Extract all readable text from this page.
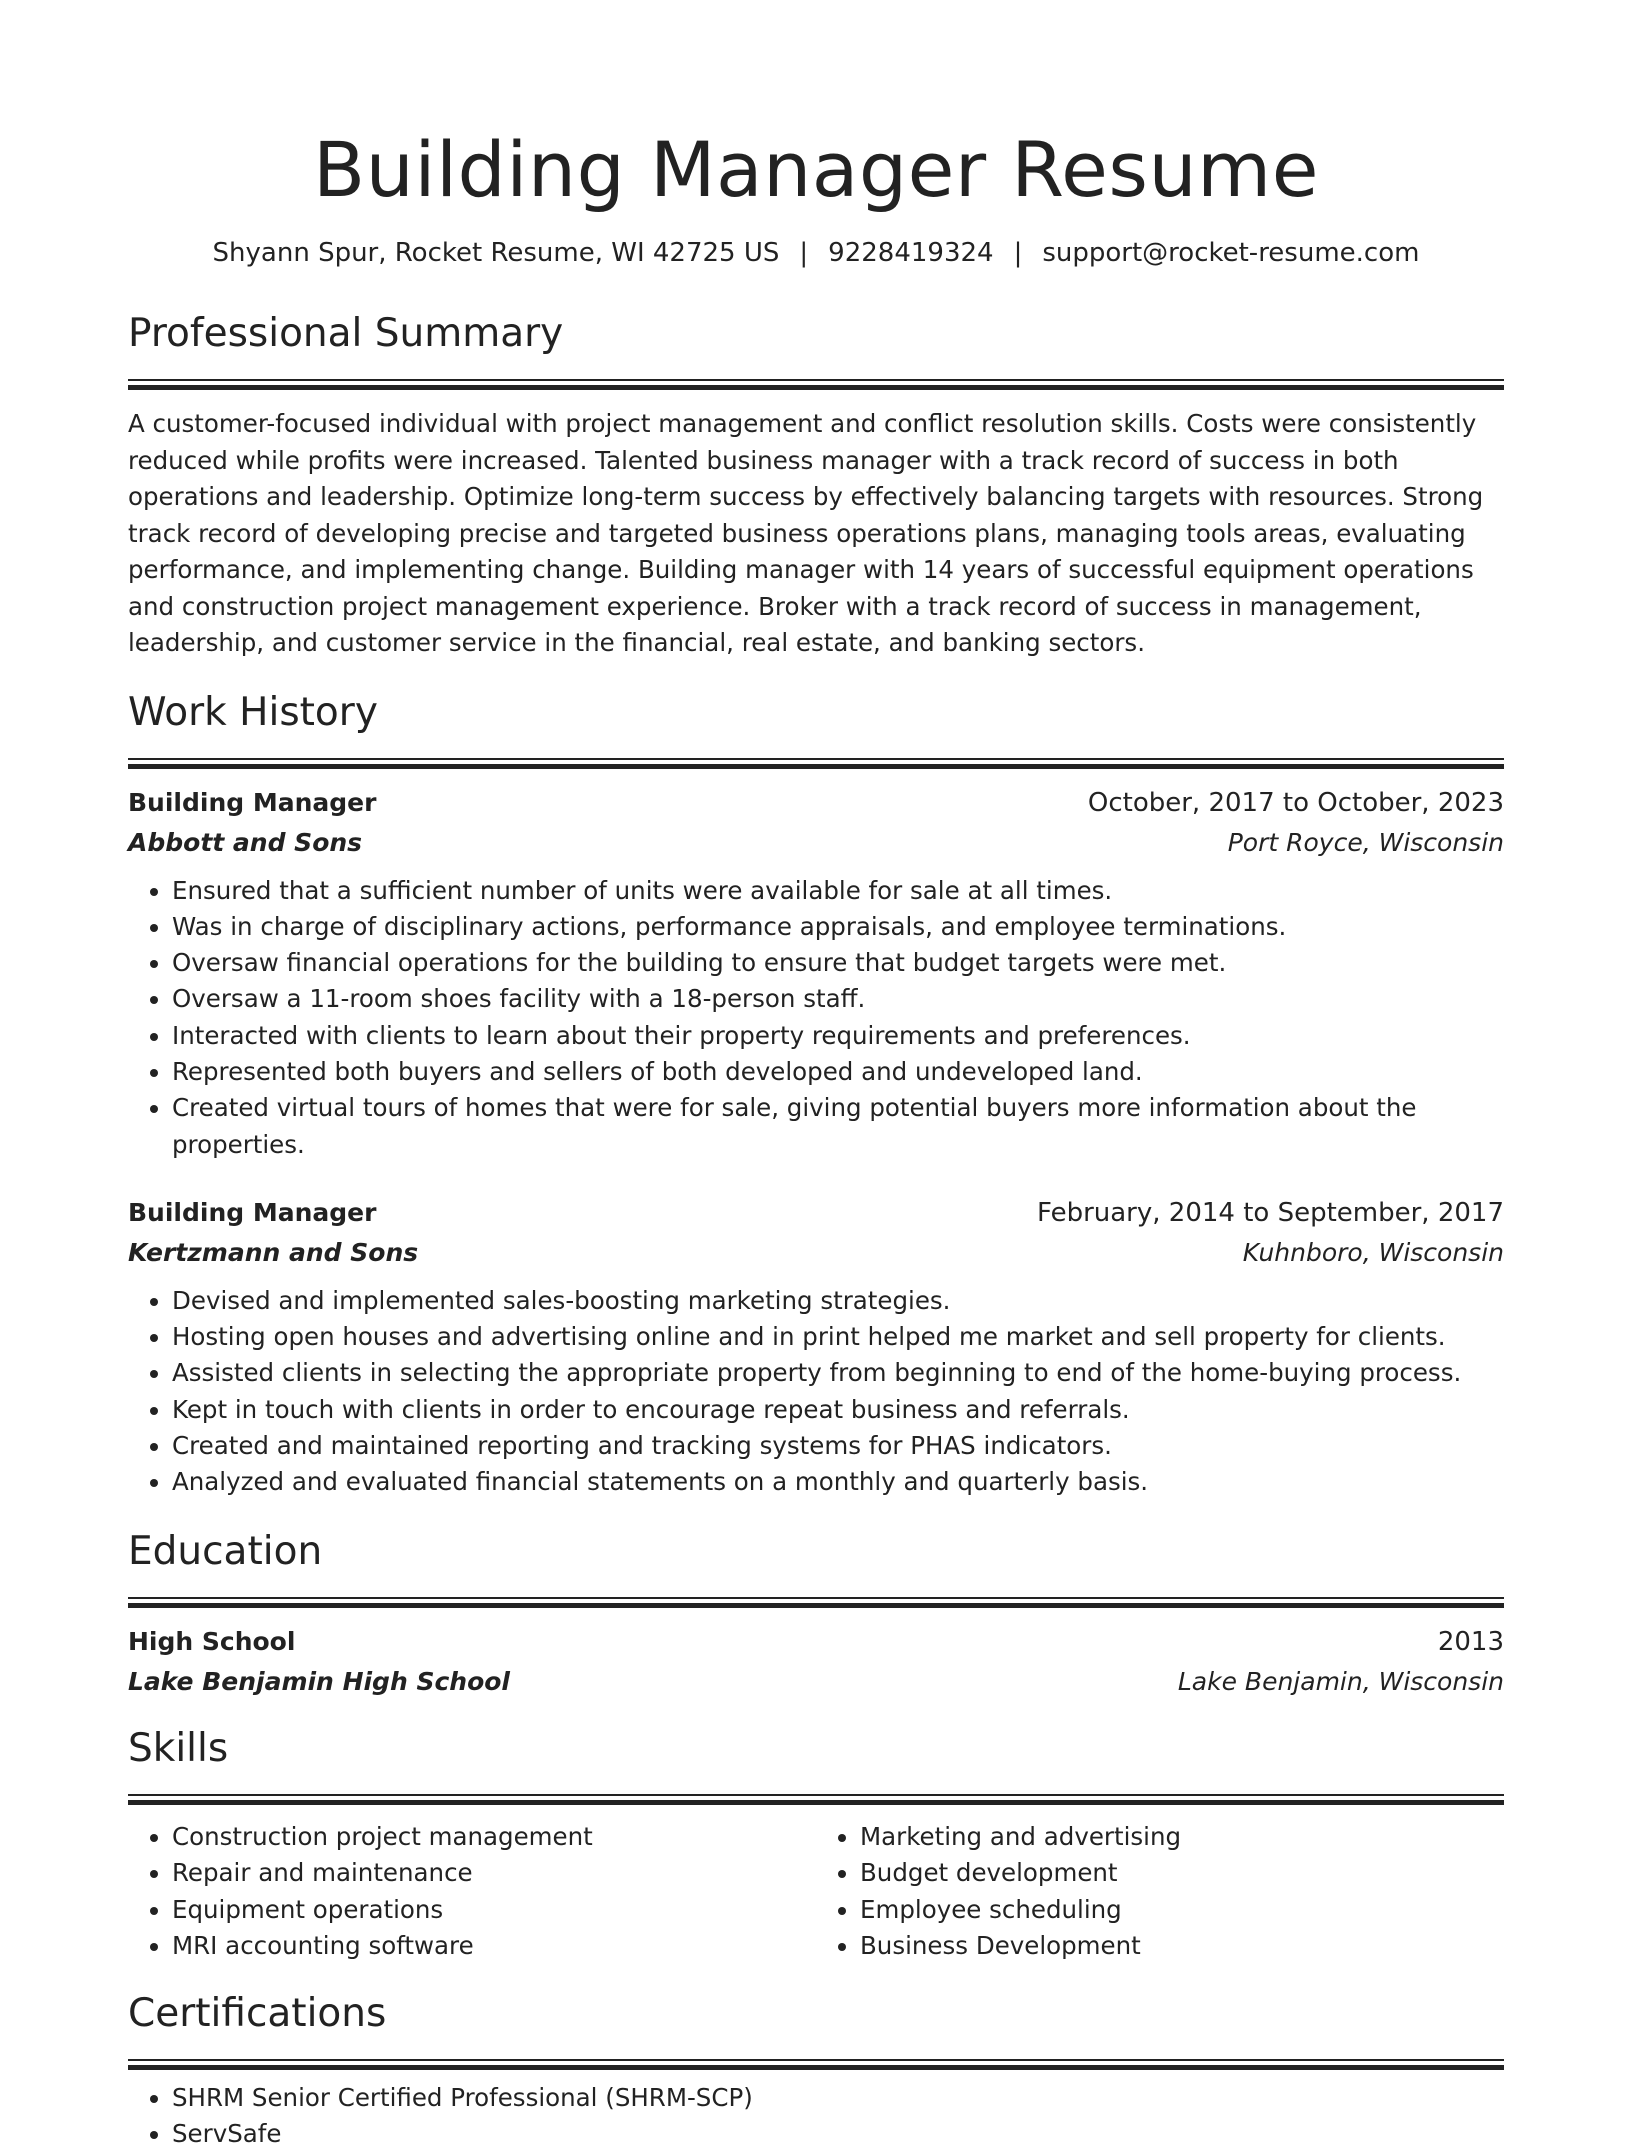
Building Manager Resume
Shyann Spur, Rocket Resume, WI 42725 US | 9228419324 | support@rocket-resume.com
Professional Summary

A customer-focused individual with project management and conflict resolution skills. Costs were consistently reduced while profits were increased. Talented business manager with a track record of success in both operations and leadership. Optimize long-term success by effectively balancing targets with resources. Strong track record of developing precise and targeted business operations plans, managing tools areas, evaluating performance, and implementing change. Building manager with 14 years of successful equipment operations and construction project management experience. Broker with a track record of success in management, leadership, and customer service in the financial, real estate, and banking sectors.

Work History
Building Manager	October, 2017 to October, 2023
Abbott and Sons	Port Royce, Wisconsin
• Ensured that a sufficient number of units were available for sale at all times.
• Was in charge of disciplinary actions, performance appraisals, and employee terminations.
• Oversaw financial operations for the building to ensure that budget targets were met.
• Oversaw a 11-room shoes facility with a 18-person staff.
• Interacted with clients to learn about their property requirements and preferences.
• Represented both buyers and sellers of both developed and undeveloped land.
• Created virtual tours of homes that were for sale, giving potential buyers more information about the properties.
Building Manager	February, 2014 to September, 2017
Kertzmann and Sons	Kuhnboro, Wisconsin
• Devised and implemented sales-boosting marketing strategies.
• Hosting open houses and advertising online and in print helped me market and sell property for clients.
• Assisted clients in selecting the appropriate property from beginning to end of the home-buying process.
• Kept in touch with clients in order to encourage repeat business and referrals.
• Created and maintained reporting and tracking systems for PHAS indicators.
• Analyzed and evaluated financial statements on a monthly and quarterly basis.
Education
High School	2013
Lake Benjamin High School	Lake Benjamin, Wisconsin
Skills
• Construction project management
• Repair and maintenance
• Equipment operations
• MRI accounting software
• Marketing and advertising
• Budget development
• Employee scheduling
• Business Development
Certifications
• SHRM Senior Certified Professional (SHRM-SCP)
• ServSafe
